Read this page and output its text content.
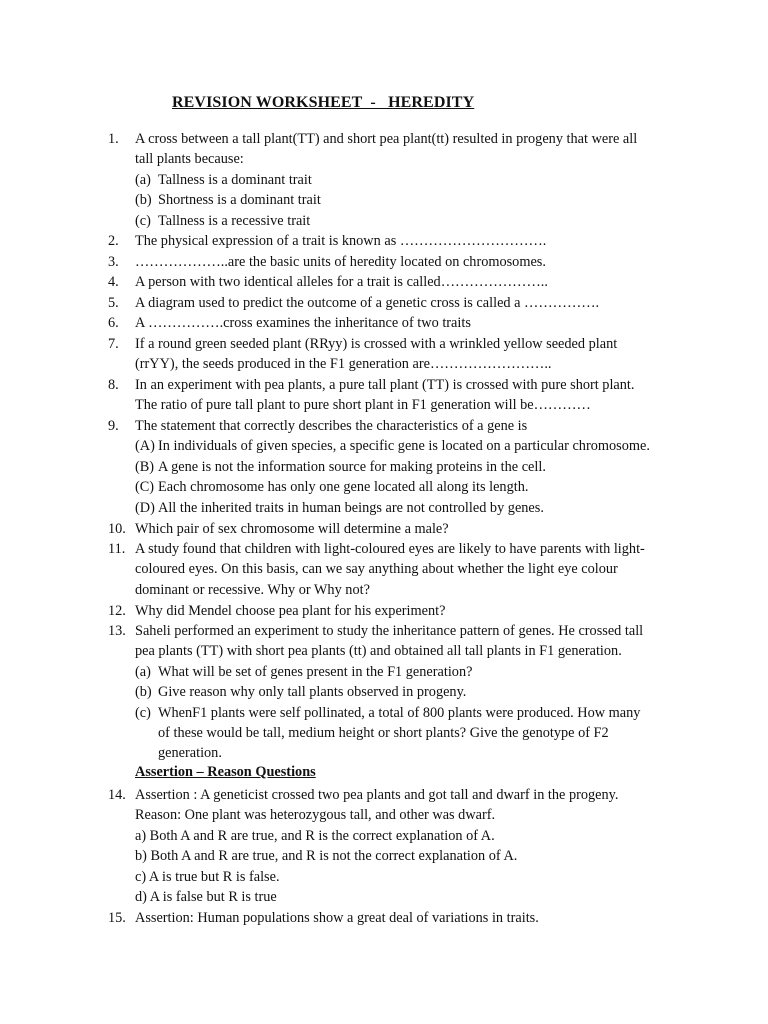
REVISION WORKSHEET  -   HEREDITY
1.	A cross between a tall plant(TT) and short pea plant(tt) resulted in progeny that were all
tall plants because:
(a) Tallness is a dominant trait
(b) Shortness is a dominant trait
(c) Tallness is a recessive trait
2.	The physical expression of a trait is known as ………………………….
3.	………………..are the basic units of heredity located on chromosomes.
4.	A person with two identical alleles for a trait is called…………………..
5.	A diagram used to predict the outcome of a genetic cross is called a …………….
6.	A …………….cross examines the inheritance of two traits
7.	If a round green seeded plant (RRyy) is crossed with a wrinkled yellow seeded plant
(rrYY), the seeds produced in the F1 generation are……………………..
8.	In an experiment with pea plants, a pure tall plant (TT) is crossed with pure short plant.
The ratio of pure tall plant to pure short plant in F1 generation will be…………
9.	The statement that correctly describes the characteristics of a gene is
(A) In individuals of given species, a specific gene is located on a particular chromosome.
(B) A gene is not the information source for making proteins in the cell.
(C) Each chromosome has only one gene located all along its length.
(D) All the inherited traits in human beings are not controlled by genes.
10. Which pair of sex chromosome will determine a male?
11. A study found that children with light-coloured eyes are likely to have parents with light-
coloured eyes. On this basis, can we say anything about whether the light eye colour
dominant or recessive. Why or Why not?
12. Why did Mendel choose pea plant for his experiment?
13. Saheli performed an experiment to study the inheritance pattern of genes. He crossed tall
pea plants (TT) with short pea plants (tt) and obtained all tall plants in F1 generation.
(a) What will be set of genes present in the F1 generation?
(b) Give reason why only tall plants observed in progeny.
(c) WhenF1 plants were self pollinated, a total of 800 plants were produced. How many
of these would be tall, medium height or short plants? Give the genotype of F2
generation.
Assertion – Reason Questions
14. Assertion : A geneticist crossed two pea plants and got tall and dwarf in the progeny.
Reason: One plant was heterozygous tall, and other was dwarf.
a) Both A and R are true, and R is the correct explanation of A.
b) Both A and R are true, and R is not the correct explanation of A.
c) A is true but R is false.
d) A is false but R is true
15. Assertion: Human populations show a great deal of variations in traits.
